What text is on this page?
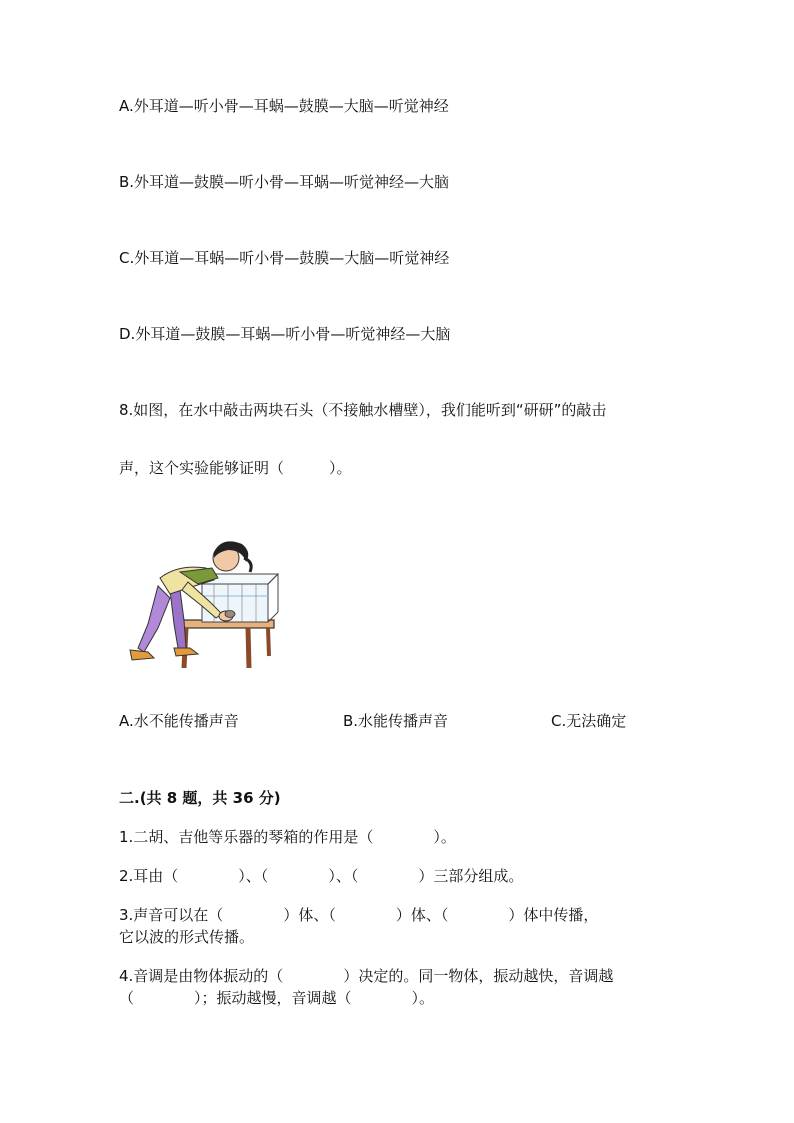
A.外耳道—听小骨—耳蜗—鼓膜—大脑—听觉神经
B.外耳道—鼓膜—听小骨—耳蜗—听觉神经—大脑
C.外耳道—耳蜗—听小骨—鼓膜—大脑—听觉神经
D.外耳道—鼓膜—耳蜗—听小骨—听觉神经—大脑
8.如图，在水中敲击两块石头（不接触水槽壁），我们能听到“研研”的敲击
声，这个实验能够证明（　　　）。
A.水不能传播声音	B.水能传播声音	C.无法确定
二.(共 8 题，共 36 分)
1.二胡、吉他等乐器的琴箱的作用是（　　　　）。
2.耳由（　　　　）、（　　　　）、（　　　　）三部分组成。
3.声音可以在（　　　　）体、（　　　　）体、（　　　　）体中传播，
它以波的形式传播。
4.音调是由物体振动的（　　　　）决定的。同一物体，振动越快，音调越
（　　　　）；振动越慢，音调越（　　　　）。
